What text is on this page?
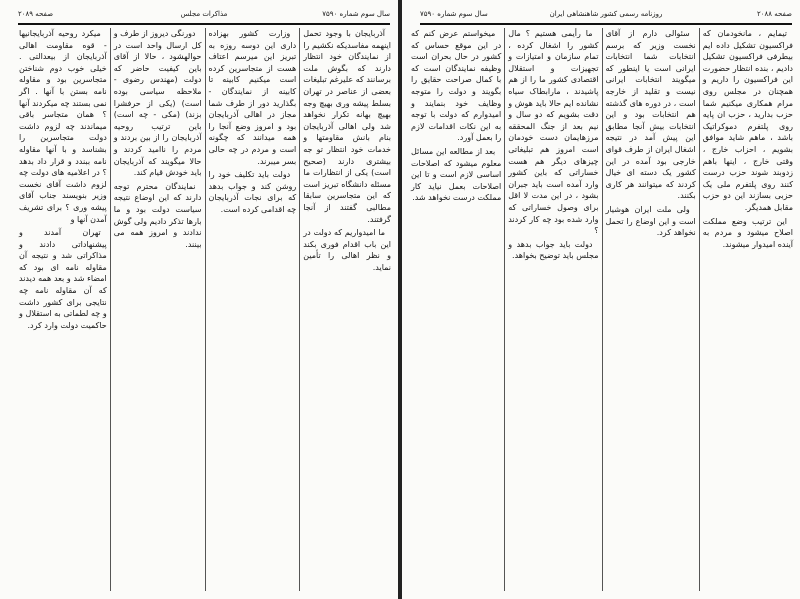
سال سوم شماره ۷۵۹۰
مذاکرات مجلس
صفحه ۲۰۸۹

آذربایجان با وجود تحمل اینهمه مفاسدیکه نکشیم را از نمایندگان خود انتظار دارند که بگوش ملت برسانند که علیرغم تبلیغات بعضی از عناصر در تهران بسلط پیشه وری بهیچ وجه بهیچ بهانه تکرار نخواهد شد ولی اهالی آذربایجان بنام بانش مقاومتها و خدمات خود انتظار تو جه بیشتری دارند (صحیح است) یکی از انتظارات ما مسئله دانشگاه تبریز است که این متجاسرین سابقا مطالبی گفتند از آنجا گرفتند.

ما امیدواریم که دولت در این باب اقدام فوری بکند و نظر اهالی را تأمین نماید.

وزارت کشور بهزاده داری این دوسه روزه به تبریز این میرسم اعتاف هست از متجاسرین کرده است میکنیم کابینه تا کابینه از نمایندگان - بگذارید دور از طرف شما مجاز در اهالی آذربایجان بود و امروز وضع آنجا را همه میدانند که چگونه است و مردم در چه حالی بسر میبرند.

دولت باید تکلیف خود را روشن کند و جواب بدهد که برای نجات آذربایجان چه اقدامی کرده است.

دورنگی دیروز از طرف و کل ارسال واحد است در حوالهشود ، حالا از آقای باین کیفیت حاضر که دولت (مهندس رضوی - ملاحظه سیاسی بوده است) (یکی از حرفشرا بزند) (مکی - چه است) باین ترتیب روحیه آذربایجان را از بین بردند و مردم را ناامید کردند و حالا میگویند که آذربایجان باید خودش قیام کند.

نمایندگان محترم توجه دارند که این اوضاع نتیجه سیاست دولت بود و ما بارها تذکر دادیم ولی گوش ندادند و امروز همه می بینند.

میکرد روحیه آذربایجانیها - قوه مقاومت اهالی آذربایجان از بیعدالتی . خیلی خوب دوم شناختن متجاسرین بود و مقاوله نامه بستن با آنها . اگر نمی بستند چه میکردند آنها ؟ همان متجاسر باقی میماندند چه لزوم داشت دولت متجاسرین را بشناسد و با آنها مقاوله نامه ببندد و قرار داد بدهد ؟ در اعلامیه های دولت چه لزوم داشت آقای نخست وزیر بنویسند جناب آقای پیشه وری ؟ برای تشریف آمدن آنها و

تهران آمدند و پیشنهاداتی دادند و مذاکراتی شد و نتیجه آن مقاوله نامه ای بود که امضاء شد و بعد همه دیدند که آن مقاوله نامه چه نتایجی برای کشور داشت و چه لطماتی به استقلال و حاکمیت دولت وارد کرد.

صفحه ۲۰۸۸
روزنامه رسمی کشور شاهنشاهی ایران
سال سوم شماره ۷۵۹۰

تیمایم ، مانخودمان که فراکسیون تشکیل داده ایم بیطرفی فراکسیون تشکیل دادیم ، بنده انتظار حضورت این فراکسیون را داریم و همچنان در مجلس روی مرام همکاری میکنیم شما حزب بدارید ، حزب ان پایه روی پلتفرم دموکراتیک باشد ، ماهم شاید موافق بشویم ، احزاب خارج ، وقتی خارج ، اینها باهم زدوبند شوند حزب درست کنند روی پلتفرم ملی یک حزبی بسازند این دو حزب مقابل همدیگر.

این ترتیب وضع مملکت اصلاح میشود و مردم به آینده امیدوار میشوند.

سئوالی دارم از آقای نخست وزیر که برسم انتخابات شما انتخابات ایرانی است یا اینطور که میگویند انتخابات ایرانی نیست و تقلید از خارجه است ، در دوره های گذشته هم انتخابات بود و این انتخابات بیش آنجا مطابق این پیش آمد در نتیجه اشغال ایران از طرف قوای خارجی بود آمده در این کشور یک دسته ای خیال کردند که میتوانند هر کاری بکنند.

ولی ملت ایران هوشیار است و این اوضاع را تحمل نخواهد کرد.

ما رأیمی هستیم ؟ مال کشور را اشغال کرده ، تمام سازمان و امتیازات و تجهیزات و استقلال اقتصادی کشور ما را از هم پاشیدند ، مارابطاک سیاه نشانده ایم حالا باید هوش و دقت بشویم که دو سال و نیم بعد از جنگ المحققه مرزهایمان دست خودمان است امروز هم تبلیغاتی چیزهای دیگر هم هست خساراتی که باین کشور وارد آمده است باید جبران بشود ، در این مدت لا اقل برای وصول خساراتی که وارد شده بود چه کار کردند ؟

دولت باید جواب بدهد و مجلس باید توضیح بخواهد.

میخواستم عرض کنم که در این موقع حساس که کشور در حال بحران است وظیفه نمایندگان است که با کمال صراحت حقایق را بگویند و دولت را متوجه وظایف خود بنمایند و امیدوارم که دولت با توجه به این نکات اقدامات لازم را بعمل آورد.

بعد از مطالعه این مسائل معلوم میشود که اصلاحات اساسی لازم است و تا این اصلاحات بعمل نیاید کار مملکت درست نخواهد شد.
